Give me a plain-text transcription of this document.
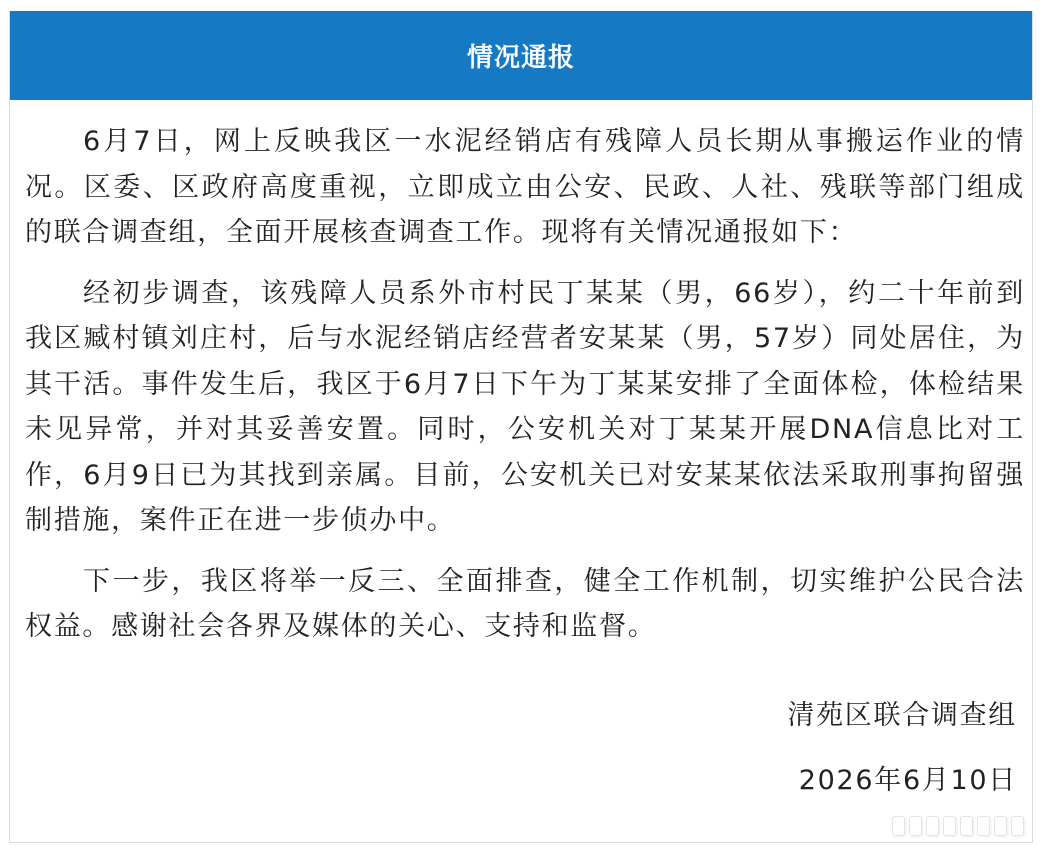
情况通报

6月7日，网上反映我区一水泥经销店有残障人员长期从事搬运作业的情况。区委、区政府高度重视，立即成立由公安、民政、人社、残联等部门组成的联合调查组，全面开展核查调查工作。现将有关情况通报如下：

经初步调查，该残障人员系外市村民丁某某（男，66岁），约二十年前到我区臧村镇刘庄村，后与水泥经销店经营者安某某（男，57岁）同处居住，为其干活。事件发生后，我区于6月7日下午为丁某某安排了全面体检，体检结果未见异常，并对其妥善安置。同时，公安机关对丁某某开展DNA信息比对工作，6月9日已为其找到亲属。目前，公安机关已对安某某依法采取刑事拘留强制措施，案件正在进一步侦办中。

下一步，我区将举一反三、全面排查，健全工作机制，切实维护公民合法权益。感谢社会各界及媒体的关心、支持和监督。

清苑区联合调查组
2026年6月10日
